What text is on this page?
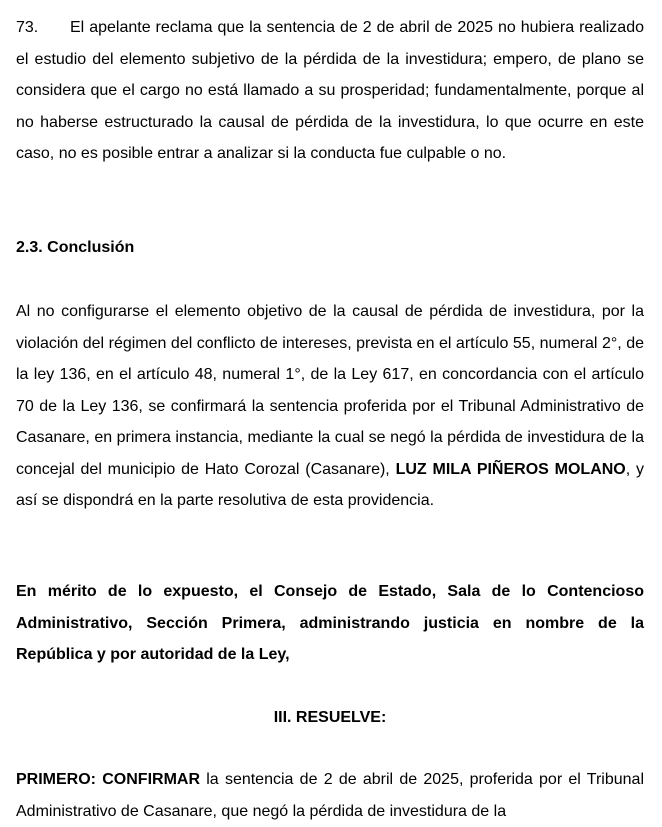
73. El apelante reclama que la sentencia de 2 de abril de 2025 no hubiera realizado el estudio del elemento subjetivo de la pérdida de la investidura; empero, de plano se considera que el cargo no está llamado a su prosperidad; fundamentalmente, porque al no haberse estructurado la causal de pérdida de la investidura, lo que ocurre en este caso, no es posible entrar a analizar si la conducta fue culpable o no.

2.3. Conclusión

Al no configurarse el elemento objetivo de la causal de pérdida de investidura, por la violación del régimen del conflicto de intereses, prevista en el artículo 55, numeral 2°, de la ley 136, en el artículo 48, numeral 1°, de la Ley 617, en concordancia con el artículo 70 de la Ley 136, se confirmará la sentencia proferida por el Tribunal Administrativo de Casanare, en primera instancia, mediante la cual se negó la pérdida de investidura de la concejal del municipio de Hato Corozal (Casanare), LUZ MILA PIÑEROS MOLANO, y así se dispondrá en la parte resolutiva de esta providencia.

En mérito de lo expuesto, el Consejo de Estado, Sala de lo Contencioso Administrativo, Sección Primera, administrando justicia en nombre de la República y por autoridad de la Ley,

III. RESUELVE:

PRIMERO: CONFIRMAR la sentencia de 2 de abril de 2025, proferida por el Tribunal Administrativo de Casanare, que negó la pérdida de investidura de la
